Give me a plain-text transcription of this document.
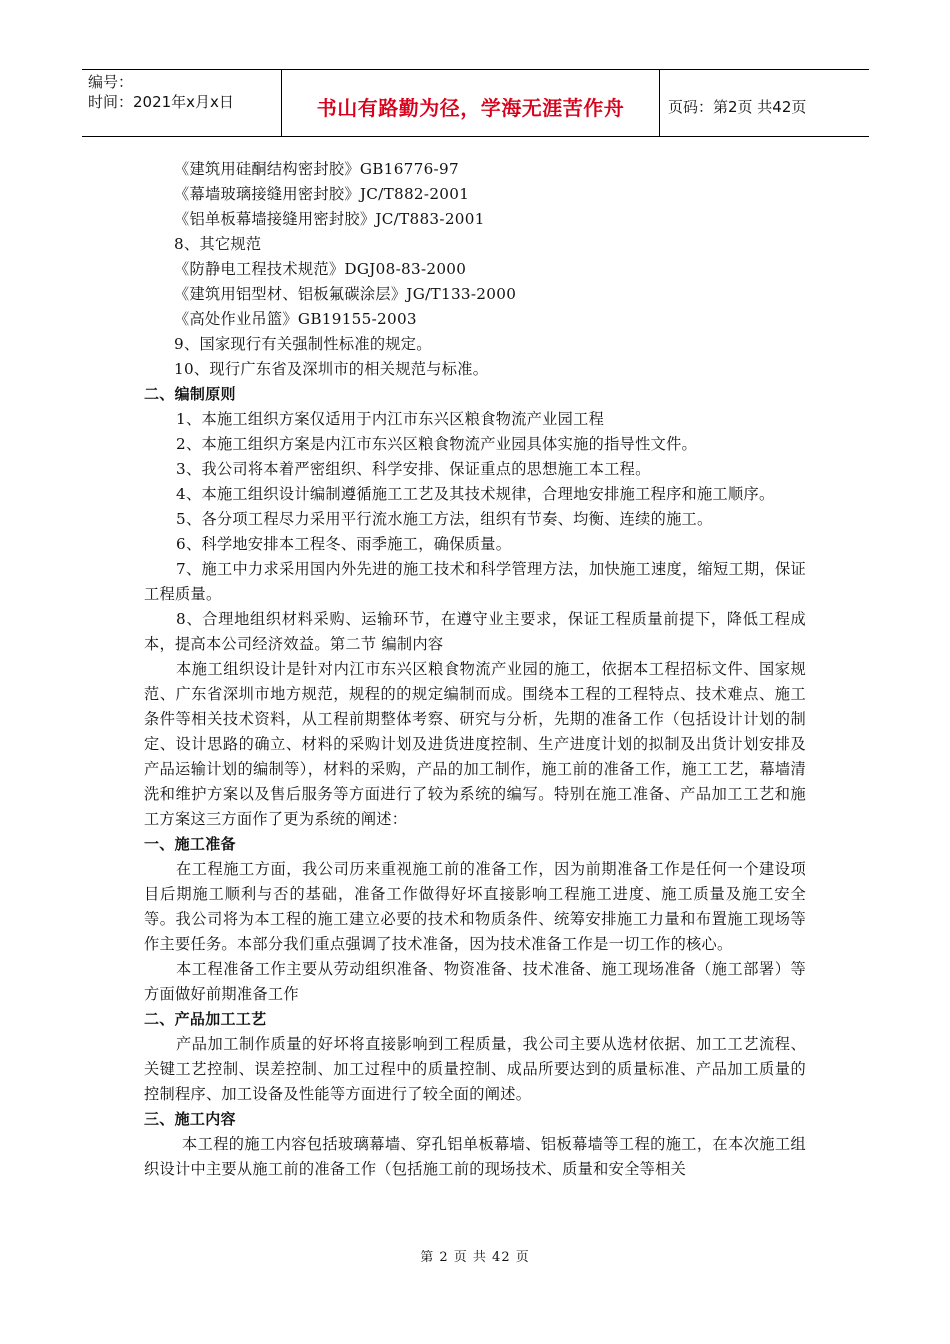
编号：
时间：2021年x月x日	书山有路勤为径，学海无涯苦作舟	页码：第2页 共42页

《建筑用硅酮结构密封胶》GB16776-97

《幕墙玻璃接缝用密封胶》JC/T882-2001

《铝单板幕墙接缝用密封胶》JC/T883-2001

8、其它规范

《防静电工程技术规范》DGJ08-83-2000

《建筑用铝型材、铝板氟碳涂层》JG/T133-2000

《高处作业吊篮》GB19155-2003

9、国家现行有关强制性标准的规定。

10、现行广东省及深圳市的相关规范与标准。

二、编制原则

1、本施工组织方案仅适用于内江市东兴区粮食物流产业园工程

2、本施工组织方案是内江市东兴区粮食物流产业园具体实施的指导性文件。

3、我公司将本着严密组织、科学安排、保证重点的思想施工本工程。

4、本施工组织设计编制遵循施工工艺及其技术规律，合理地安排施工程序和施工顺序。

5、各分项工程尽力采用平行流水施工方法，组织有节奏、均衡、连续的施工。

6、科学地安排本工程冬、雨季施工，确保质量。

7、施工中力求采用国内外先进的施工技术和科学管理方法，加快施工速度，缩短工期，保证工程质量。

8、合理地组织材料采购、运输环节，在遵守业主要求，保证工程质量前提下，降低工程成本，提高本公司经济效益。第二节 编制内容

本施工组织设计是针对内江市东兴区粮食物流产业园的施工，依据本工程招标文件、国家规范、广东省深圳市地方规范，规程的的规定编制而成。围绕本工程的工程特点、技术难点、施工条件等相关技术资料，从工程前期整体考察、研究与分析，先期的准备工作（包括设计计划的制定、设计思路的确立、材料的采购计划及进货进度控制、生产进度计划的拟制及出货计划安排及产品运输计划的编制等），材料的采购，产品的加工制作，施工前的准备工作，施工工艺，幕墙清洗和维护方案以及售后服务等方面进行了较为系统的编写。特别在施工准备、产品加工工艺和施工方案这三方面作了更为系统的阐述：

一、施工准备

在工程施工方面，我公司历来重视施工前的准备工作，因为前期准备工作是任何一个建设项目后期施工顺利与否的基础，准备工作做得好坏直接影响工程施工进度、施工质量及施工安全等。我公司将为本工程的施工建立必要的技术和物质条件、统筹安排施工力量和布置施工现场等作主要任务。本部分我们重点强调了技术准备，因为技术准备工作是一切工作的核心。

本工程准备工作主要从劳动组织准备、物资准备、技术准备、施工现场准备（施工部署）等方面做好前期准备工作

二、产品加工工艺

产品加工制作质量的好坏将直接影响到工程质量，我公司主要从选材依据、加工工艺流程、关键工艺控制、误差控制、加工过程中的质量控制、成品所要达到的质量标准、产品加工质量的控制程序、加工设备及性能等方面进行了较全面的阐述。

三、施工内容

本工程的施工内容包括玻璃幕墙、穿孔铝单板幕墙、铝板幕墙等工程的施工，在本次施工组织设计中主要从施工前的准备工作（包括施工前的现场技术、质量和安全等相关

第 2 页 共 42 页
